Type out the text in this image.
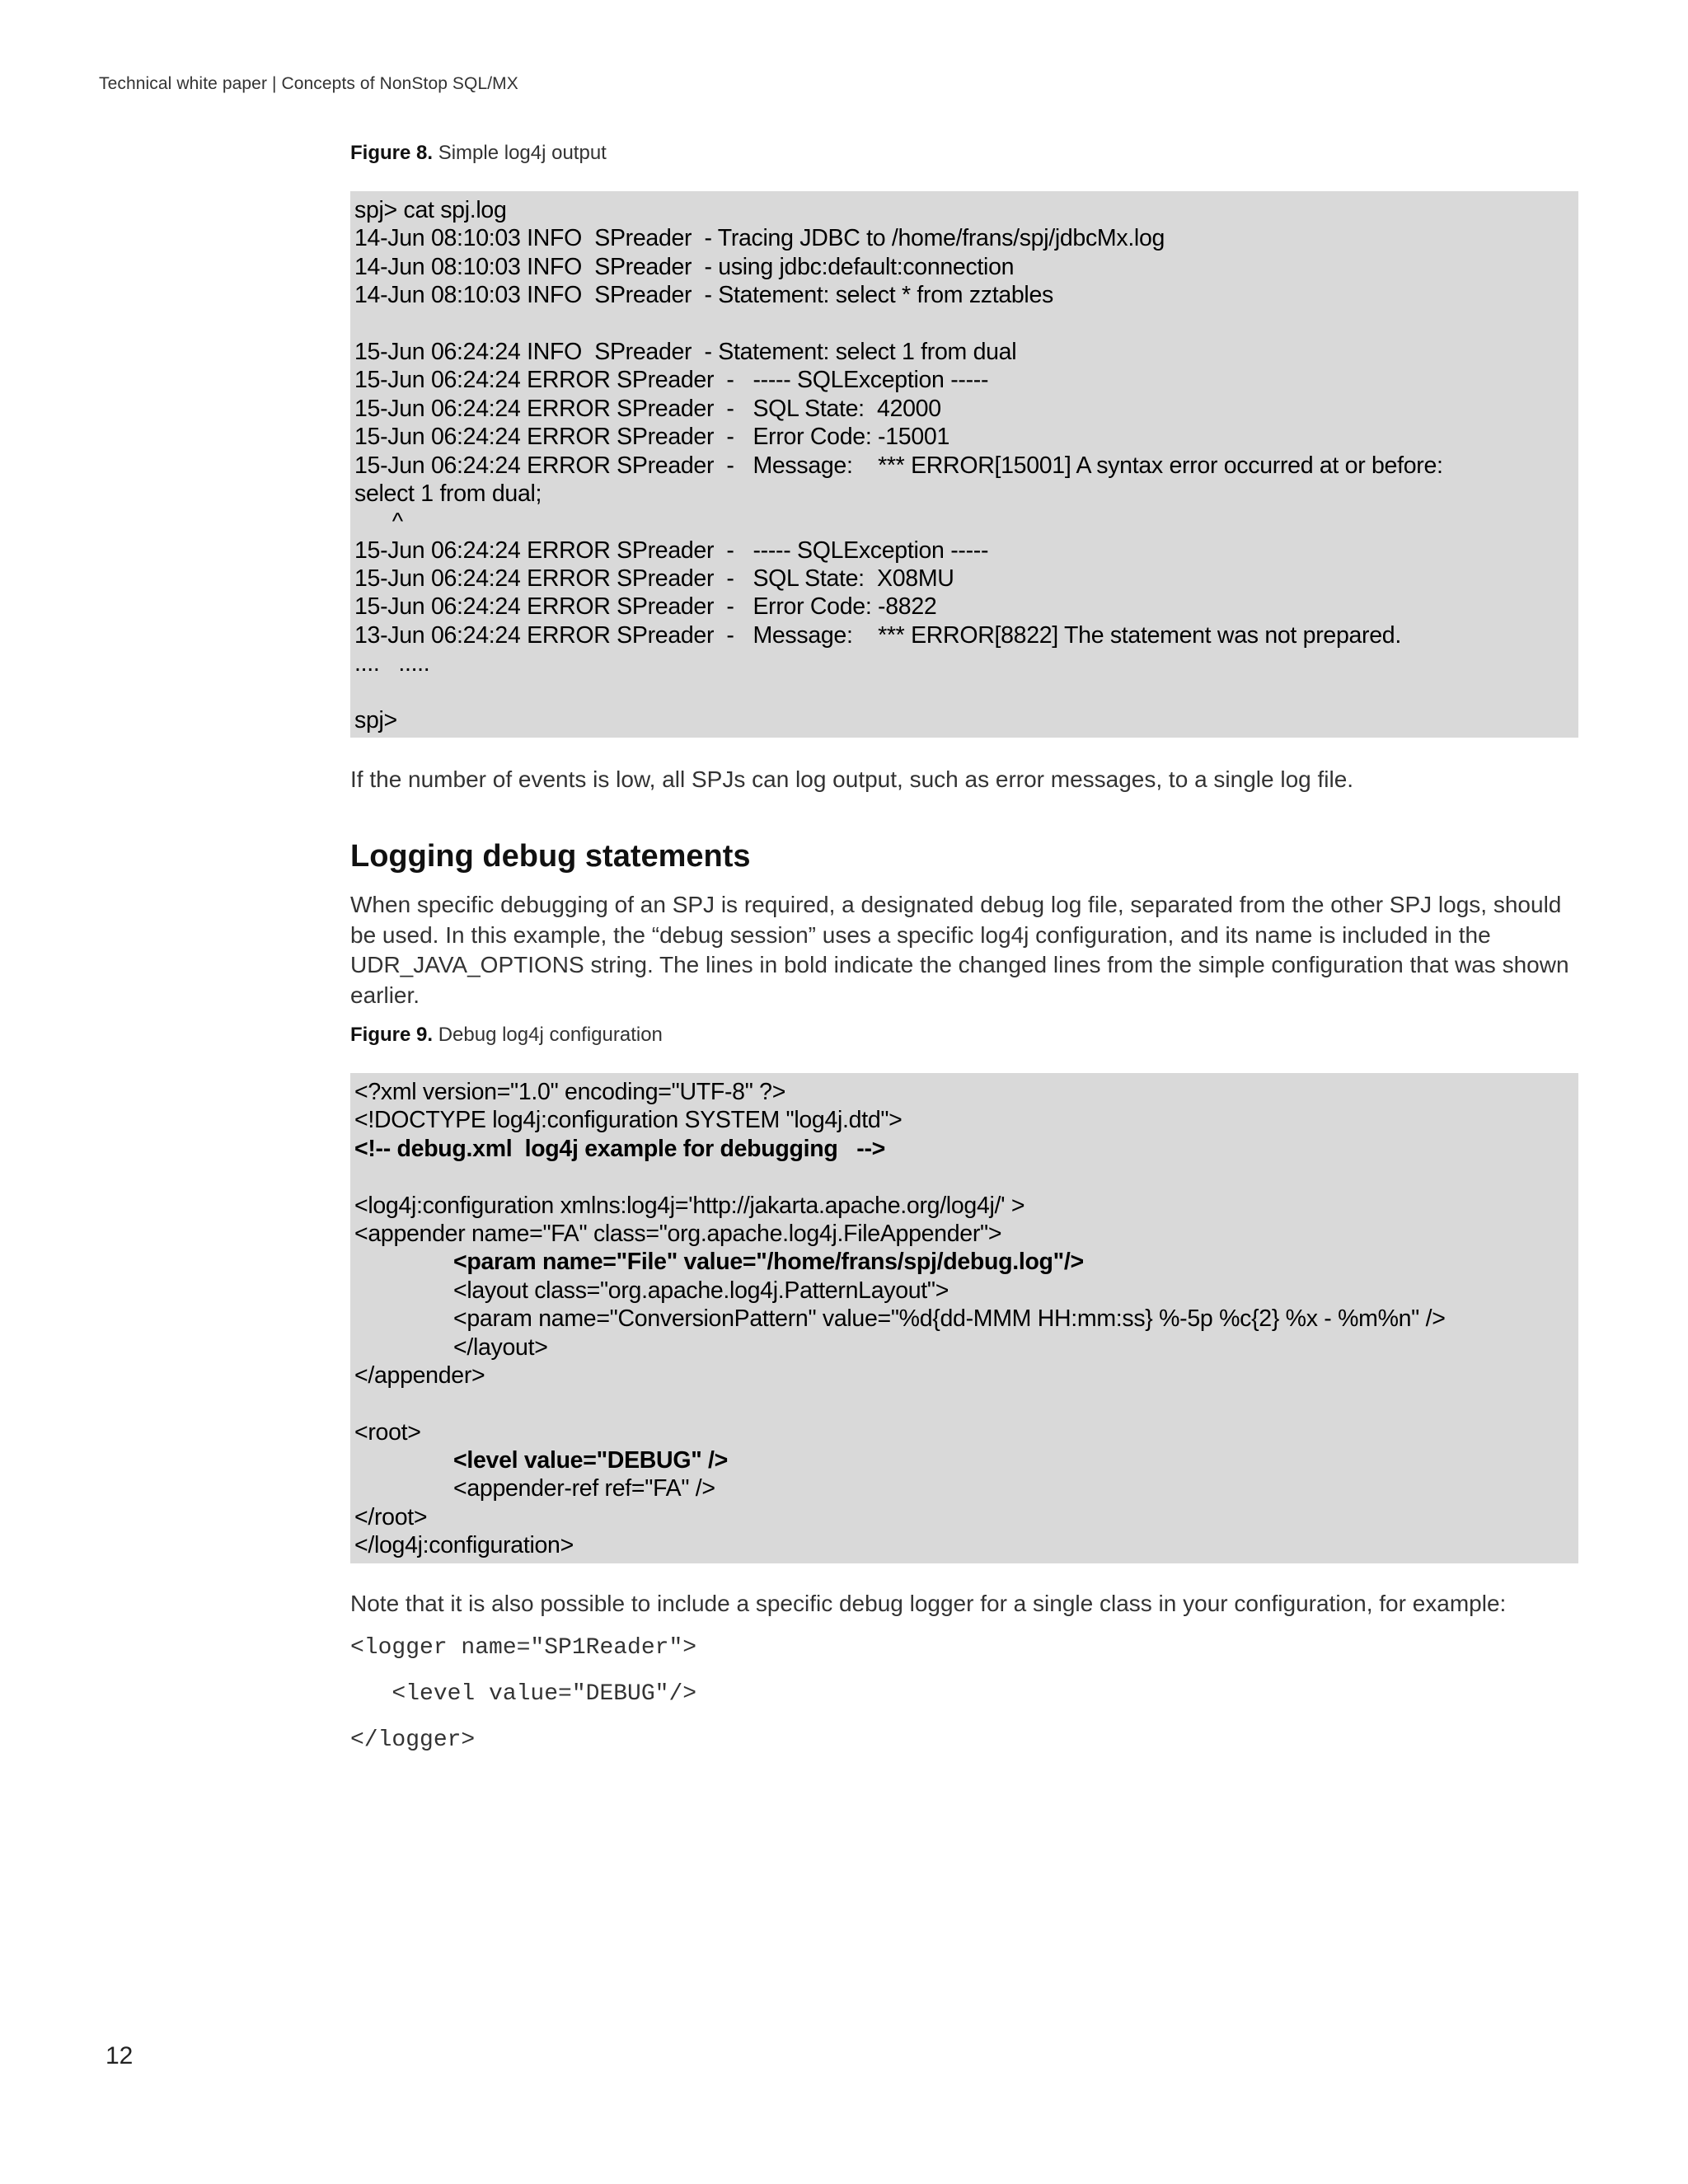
Technical white paper | Concepts of NonStop SQL/MX
Figure 8. Simple log4j output
spj> cat spj.log
14-Jun 08:10:03 INFO  SPreader  - Tracing JDBC to /home/frans/spj/jdbcMx.log
14-Jun 08:10:03 INFO  SPreader  - using jdbc:default:connection
14-Jun 08:10:03 INFO  SPreader  - Statement: select * from zztables
15-Jun 06:24:24 INFO  SPreader  - Statement: select 1 from dual
15-Jun 06:24:24 ERROR SPreader  -   ----- SQLException -----
15-Jun 06:24:24 ERROR SPreader  -   SQL State:  42000
15-Jun 06:24:24 ERROR SPreader  -   Error Code: -15001
15-Jun 06:24:24 ERROR SPreader  -   Message:    *** ERROR[15001] A syntax error occurred at or before:
select 1 from dual;
^
15-Jun 06:24:24 ERROR SPreader  -   ----- SQLException -----
15-Jun 06:24:24 ERROR SPreader  -   SQL State:  X08MU
15-Jun 06:24:24 ERROR SPreader  -   Error Code: -8822
13-Jun 06:24:24 ERROR SPreader  -   Message:    *** ERROR[8822] The statement was not prepared.
....   .....
spj>
If the number of events is low, all SPJs can log output, such as error messages, to a single log file.
Logging debug statements
When specific debugging of an SPJ is required, a designated debug log file, separated from the other SPJ logs, should be used. In this example, the “debug session” uses a specific log4j configuration, and its name is included in the UDR_JAVA_OPTIONS string. The lines in bold indicate the changed lines from the simple configuration that was shown earlier.
Figure 9. Debug log4j configuration
<?xml version="1.0" encoding="UTF-8" ?>
<!DOCTYPE log4j:configuration SYSTEM "log4j.dtd">
<!-- debug.xml  log4j example for debugging   -->
<log4j:configuration xmlns:log4j='http://jakarta.apache.org/log4j/' >
<appender name="FA" class="org.apache.log4j.FileAppender">
<param name="File" value="/home/frans/spj/debug.log"/>
<layout class="org.apache.log4j.PatternLayout">
<param name="ConversionPattern" value="%d{dd-MMM HH:mm:ss} %-5p %c{2} %x - %m%n" />
</layout>
</appender>
<root>
<level value="DEBUG" />
<appender-ref ref="FA" />
</root>
</log4j:configuration>
Note that it is also possible to include a specific debug logger for a single class in your configuration, for example:
<logger name="SP1Reader">
<level value="DEBUG"/>
</logger>
12
